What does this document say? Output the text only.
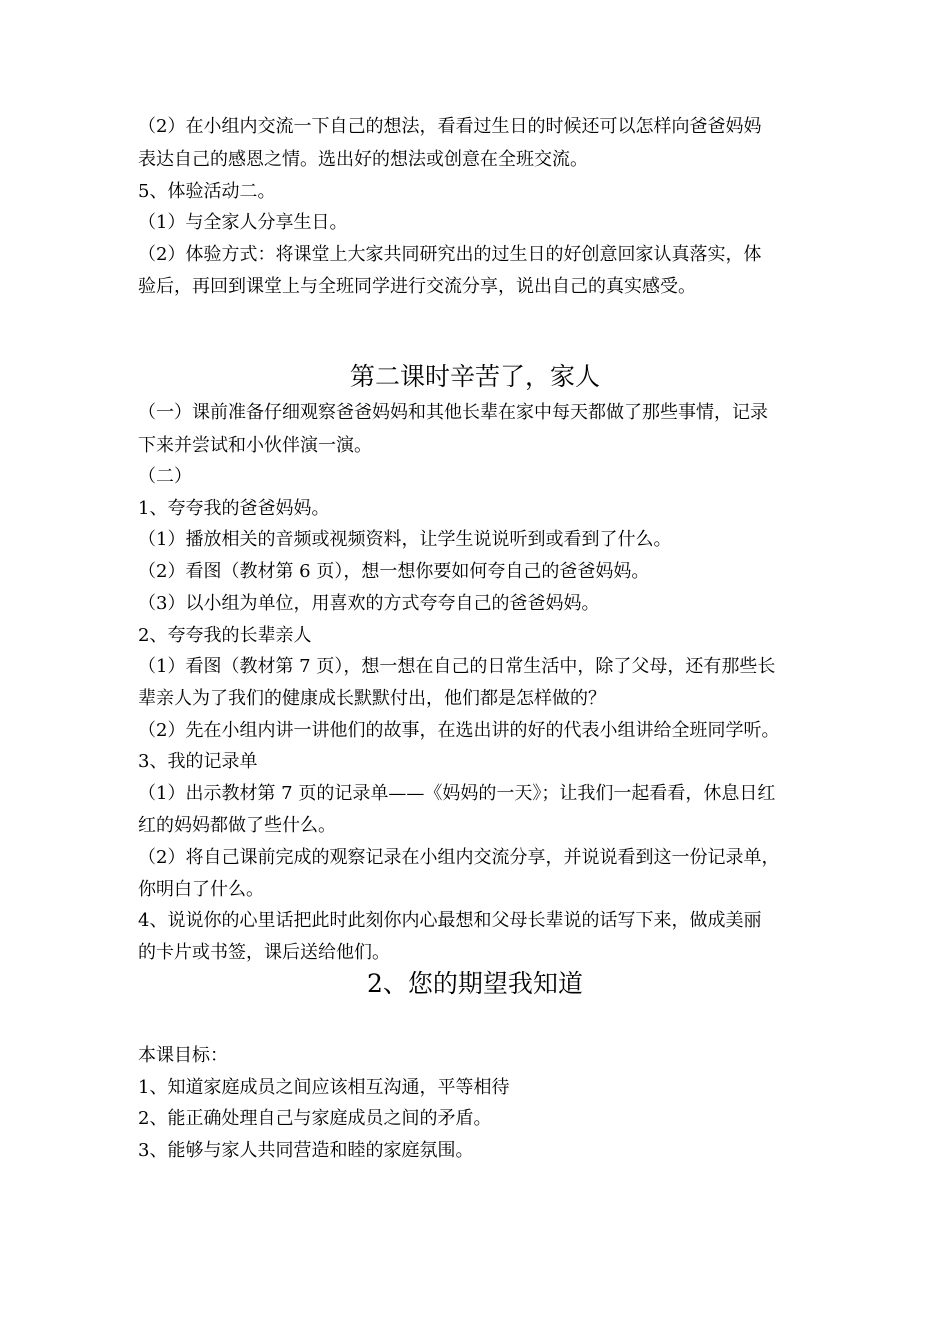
（2）在小组内交流一下自己的想法，看看过生日的时候还可以怎样向爸爸妈妈
表达自己的感恩之情。选出好的想法或创意在全班交流。
5、体验活动二。
（1）与全家人分享生日。
（2）体验方式：将课堂上大家共同研究出的过生日的好创意回家认真落实，体
验后，再回到课堂上与全班同学进行交流分享，说出自己的真实感受。
第二课时辛苦了，家人
（一）课前准备仔细观察爸爸妈妈和其他长辈在家中每天都做了那些事情，记录
下来并尝试和小伙伴演一演。
（二）
1、夸夸我的爸爸妈妈。
（1）播放相关的音频或视频资料，让学生说说听到或看到了什么。
（2）看图（教材第 6 页），想一想你要如何夸自己的爸爸妈妈。
（3）以小组为单位，用喜欢的方式夸夸自己的爸爸妈妈。
2、夸夸我的长辈亲人
（1）看图（教材第 7 页），想一想在自己的日常生活中，除了父母，还有那些长
辈亲人为了我们的健康成长默默付出，他们都是怎样做的？
（2）先在小组内讲一讲他们的故事，在选出讲的好的代表小组讲给全班同学听。
3、我的记录单
（1）出示教材第 7 页的记录单——《妈妈的一天》；让我们一起看看，休息日红
红的妈妈都做了些什么。
（2）将自己课前完成的观察记录在小组内交流分享，并说说看到这一份记录单，
你明白了什么。
4、说说你的心里话把此时此刻你内心最想和父母长辈说的话写下来，做成美丽
的卡片或书签，课后送给他们。
2、您的期望我知道
本课目标：
1、知道家庭成员之间应该相互沟通，平等相待
2、能正确处理自己与家庭成员之间的矛盾。
3、能够与家人共同营造和睦的家庭氛围。
